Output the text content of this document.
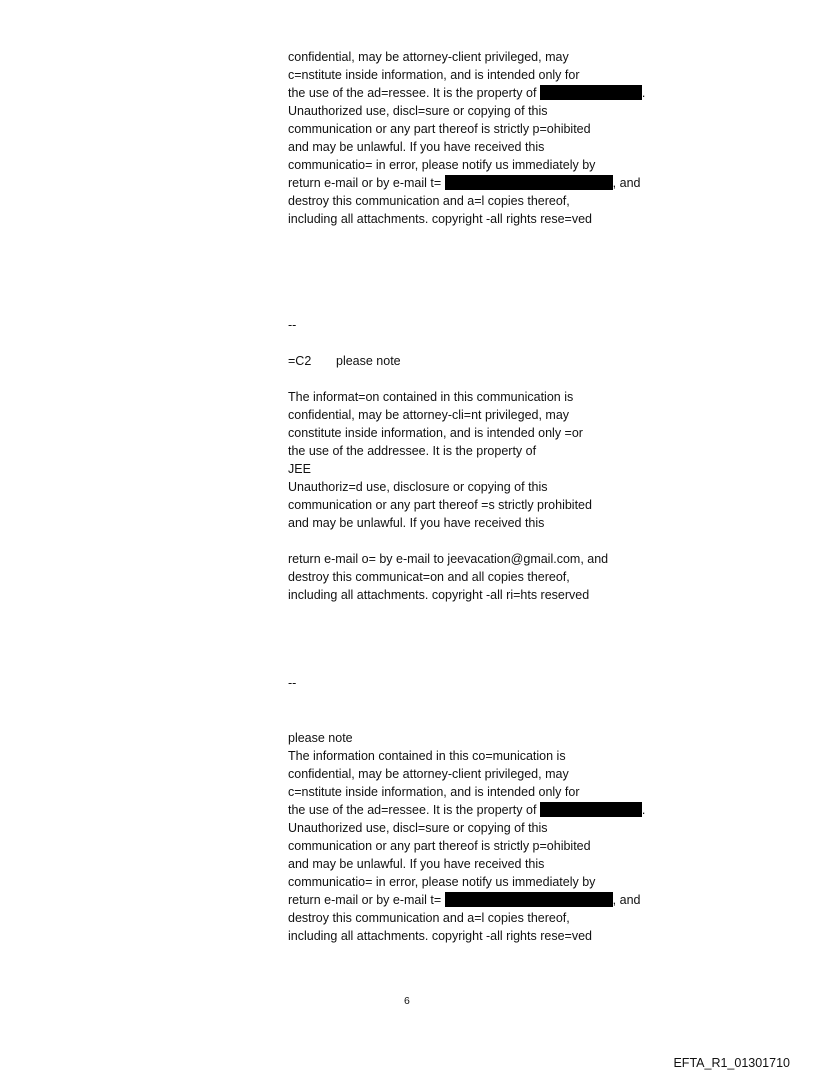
confidential, may be attorney-client privileged, may
c=nstitute inside information, and is intended only for
the use of the ad=ressee. It is the property of	.
Unauthorized use, discl=sure or copying of this
communication or any part thereof is strictly p=ohibited
and may be unlawful. If you have received this
communicatio= in error, please notify us immediately by
return e-mail or by e-mail t=	, and
destroy this communication and a=l copies thereof,
including all attachments. copyright -all rights rese=ved
--
=C2 please note
The informat=on contained in this communication is
confidential, may be attorney-cli=nt privileged, may
constitute inside information, and is intended only =or
the use of the addressee. It is the property of
JEE
Unauthoriz=d use, disclosure or copying of this
communication or any part thereof =s strictly prohibited
and may be unlawful. If you have received this
return e-mail o= by e-mail to jeevacation@gmail.com, and
destroy this communicat=on and all copies thereof,
including all attachments. copyright -all ri=hts reserved
--
please note
The information contained in this co=munication is
confidential, may be attorney-client privileged, may
c=nstitute inside information, and is intended only for
the use of the ad=ressee. It is the property of	.
Unauthorized use, discl=sure or copying of this
communication or any part thereof is strictly p=ohibited
and may be unlawful. If you have received this
communicatio= in error, please notify us immediately by
return e-mail or by e-mail t=	, and
destroy this communication and a=l copies thereof,
including all attachments. copyright -all rights rese=ved
6
EFTA_R1_01301710
